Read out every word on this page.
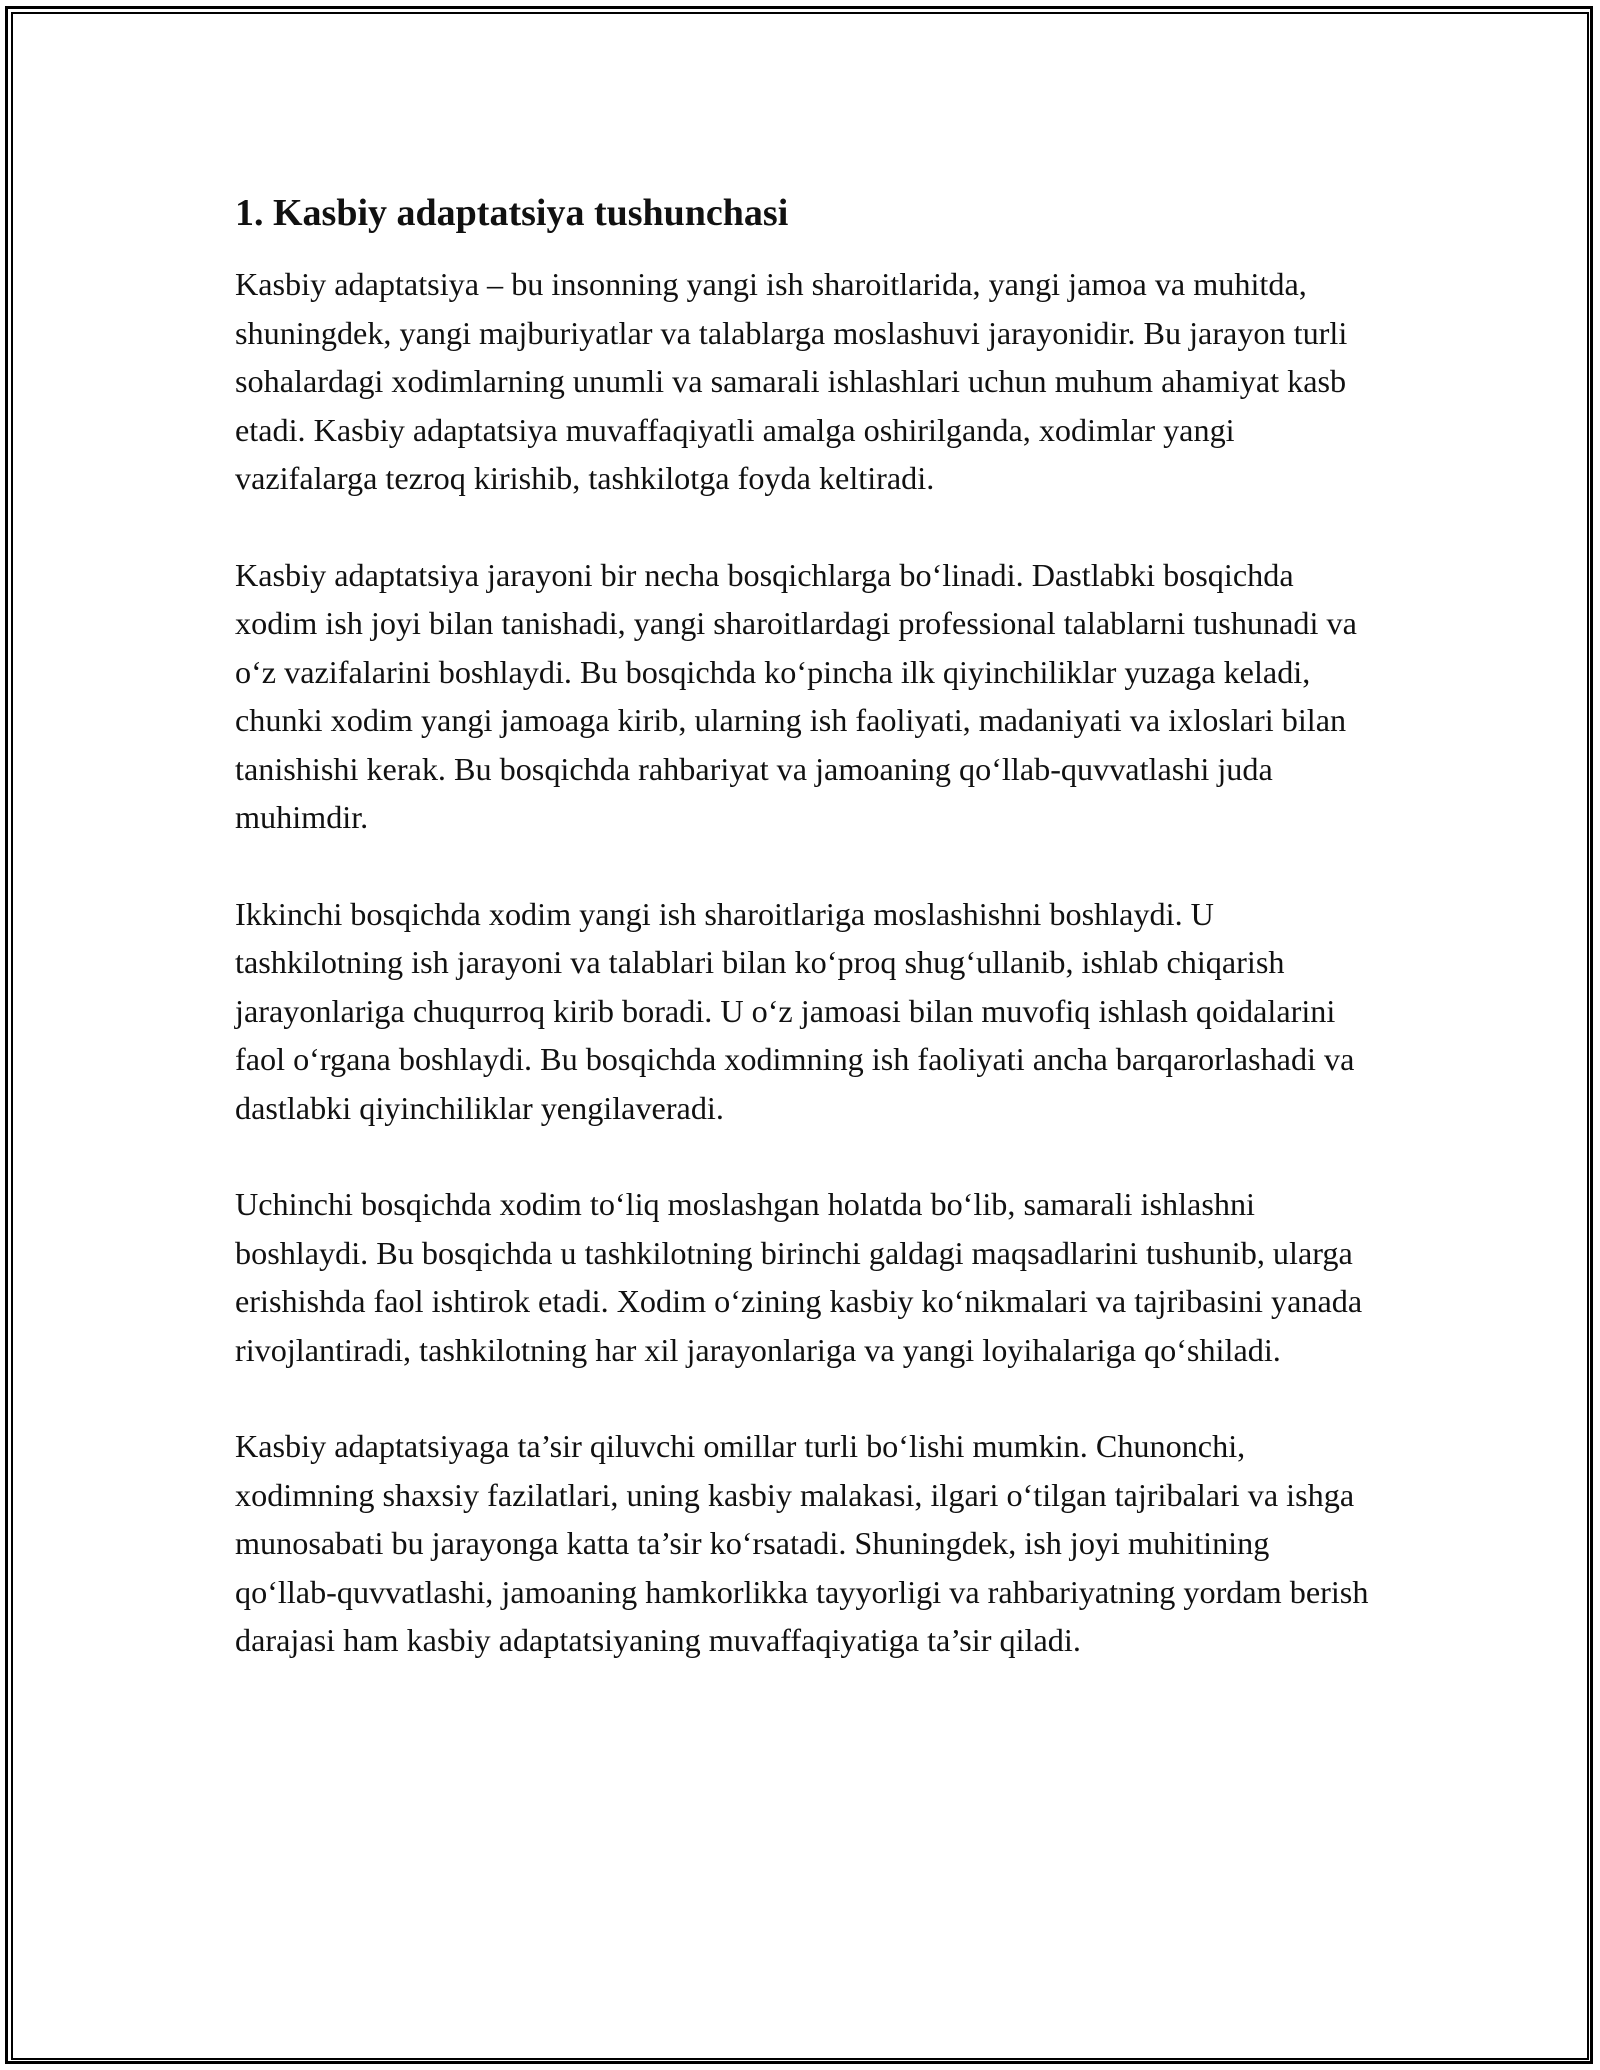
1. Kasbiy adaptatsiya tushunchasi

Kasbiy adaptatsiya – bu insonning yangi ish sharoitlarida, yangi jamoa va muhitda, shuningdek, yangi majburiyatlar va talablarga moslashuvi jarayonidir. Bu jarayon turli sohalardagi xodimlarning unumli va samarali ishlashlari uchun muhum ahamiyat kasb etadi. Kasbiy adaptatsiya muvaffaqiyatli amalga oshirilganda, xodimlar yangi vazifalarga tezroq kirishib, tashkilotga foyda keltiradi.

Kasbiy adaptatsiya jarayoni bir necha bosqichlarga boʻlinadi. Dastlabki bosqichda xodim ish joyi bilan tanishadi, yangi sharoitlardagi professional talablarni tushunadi va oʻz vazifalarini boshlaydi. Bu bosqichda koʻpincha ilk qiyinchiliklar yuzaga keladi, chunki xodim yangi jamoaga kirib, ularning ish faoliyati, madaniyati va ixloslari bilan tanishishi kerak. Bu bosqichda rahbariyat va jamoaning qoʻllab-quvvatlashi juda muhimdir.

Ikkinchi bosqichda xodim yangi ish sharoitlariga moslashishni boshlaydi. U tashkilotning ish jarayoni va talablari bilan koʻproq shugʻullanib, ishlab chiqarish jarayonlariga chuqurroq kirib boradi. U oʻz jamoasi bilan muvofiq ishlash qoidalarini faol oʻrgana boshlaydi. Bu bosqichda xodimning ish faoliyati ancha barqarorlashadi va dastlabki qiyinchiliklar yengilaveradi.

Uchinchi bosqichda xodim toʻliq moslashgan holatda boʻlib, samarali ishlashni boshlaydi. Bu bosqichda u tashkilotning birinchi galdagi maqsadlarini tushunib, ularga erishishda faol ishtirok etadi. Xodim oʻzining kasbiy koʻnikmalari va tajribasini yanada rivojlantiradi, tashkilotning har xil jarayonlariga va yangi loyihalariga qoʻshiladi.

Kasbiy adaptatsiyaga ta’sir qiluvchi omillar turli boʻlishi mumkin. Chunonchi, xodimning shaxsiy fazilatlari, uning kasbiy malakasi, ilgari oʻtilgan tajribalari va ishga munosabati bu jarayonga katta ta’sir koʻrsatadi. Shuningdek, ish joyi muhitining qoʻllab-quvvatlashi, jamoaning hamkorlikka tayyorligi va rahbariyatning yordam berish darajasi ham kasbiy adaptatsiyaning muvaffaqiyatiga ta’sir qiladi.
